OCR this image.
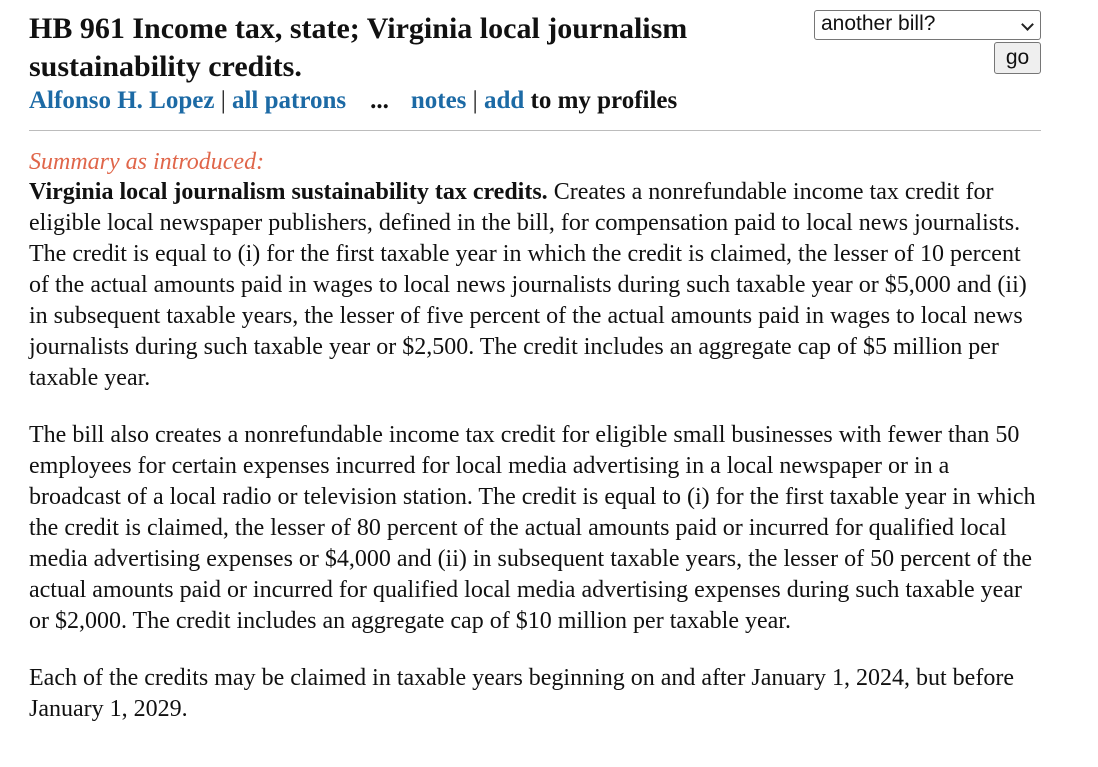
HB 961 Income tax, state; Virginia local journalism sustainability credits.
Alfonso H. Lopez | all patrons ... notes | add to my profiles
another bill?
go
Summary as introduced:

Virginia local journalism sustainability tax credits. Creates a nonrefundable income tax credit for eligible local newspaper publishers, defined in the bill, for compensation paid to local news journalists. The credit is equal to (i) for the first taxable year in which the credit is claimed, the lesser of 10 percent of the actual amounts paid in wages to local news journalists during such taxable year or $5,000 and (ii) in subsequent taxable years, the lesser of five percent of the actual amounts paid in wages to local news journalists during such taxable year or $2,500. The credit includes an aggregate cap of $5 million per taxable year.

The bill also creates a nonrefundable income tax credit for eligible small businesses with fewer than 50 employees for certain expenses incurred for local media advertising in a local newspaper or in a broadcast of a local radio or television station. The credit is equal to (i) for the first taxable year in which the credit is claimed, the lesser of 80 percent of the actual amounts paid or incurred for qualified local media advertising expenses or $4,000 and (ii) in subsequent taxable years, the lesser of 50 percent of the actual amounts paid or incurred for qualified local media advertising expenses during such taxable year or $2,000. The credit includes an aggregate cap of $10 million per taxable year.

Each of the credits may be claimed in taxable years beginning on and after January 1, 2024, but before January 1, 2029.
